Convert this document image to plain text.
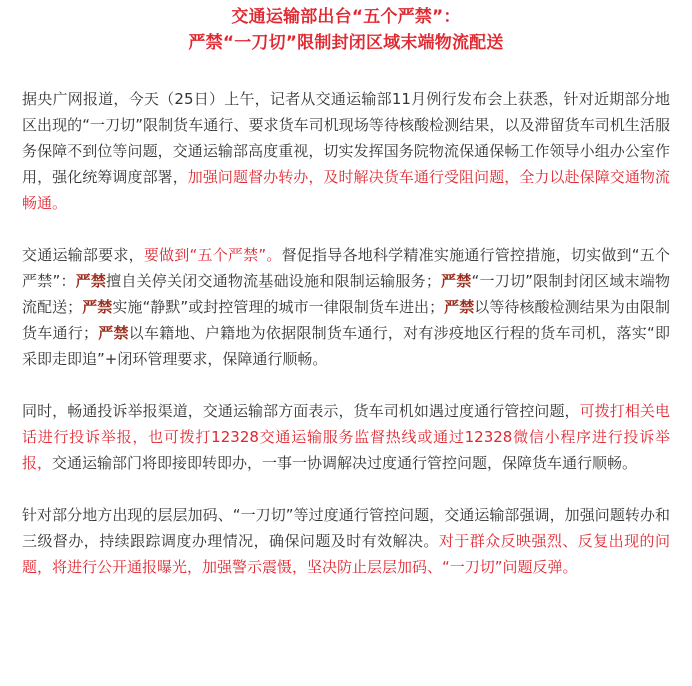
交通运输部出台“五个严禁”：
严禁“一刀切”限制封闭区域末端物流配送

据央广网报道，今天（25日）上午，记者从交通运输部11月例行发布会上获悉，针对近期部分地区出现的“一刀切”限制货车通行、要求货车司机现场等待核酸检测结果，以及滞留货车司机生活服务保障不到位等问题，交通运输部高度重视，切实发挥国务院物流保通保畅工作领导小组办公室作用，强化统筹调度部署，加强问题督办转办，及时解决货车通行受阻问题，全力以赴保障交通物流畅通。

交通运输部要求，要做到“五个严禁”。督促指导各地科学精准实施通行管控措施，切实做到“五个严禁”：严禁擅自关停关闭交通物流基础设施和限制运输服务；严禁“一刀切”限制封闭区域末端物流配送；严禁实施“静默”或封控管理的城市一律限制货车进出；严禁以等待核酸检测结果为由限制货车通行；严禁以车籍地、户籍地为依据限制货车通行，对有涉疫地区行程的货车司机，落实“即采即走即追”+闭环管理要求，保障通行顺畅。

同时，畅通投诉举报渠道，交通运输部方面表示，货车司机如遇过度通行管控问题，可拨打相关电话进行投诉举报，也可拨打12328交通运输服务监督热线或通过12328微信小程序进行投诉举报，交通运输部门将即接即转即办，一事一协调解决过度通行管控问题，保障货车通行顺畅。

针对部分地方出现的层层加码、“一刀切”等过度通行管控问题，交通运输部强调，加强问题转办和三级督办，持续跟踪调度办理情况，确保问题及时有效解决。对于群众反映强烈、反复出现的问题，将进行公开通报曝光，加强警示震慑，坚决防止层层加码、“一刀切”问题反弹。
